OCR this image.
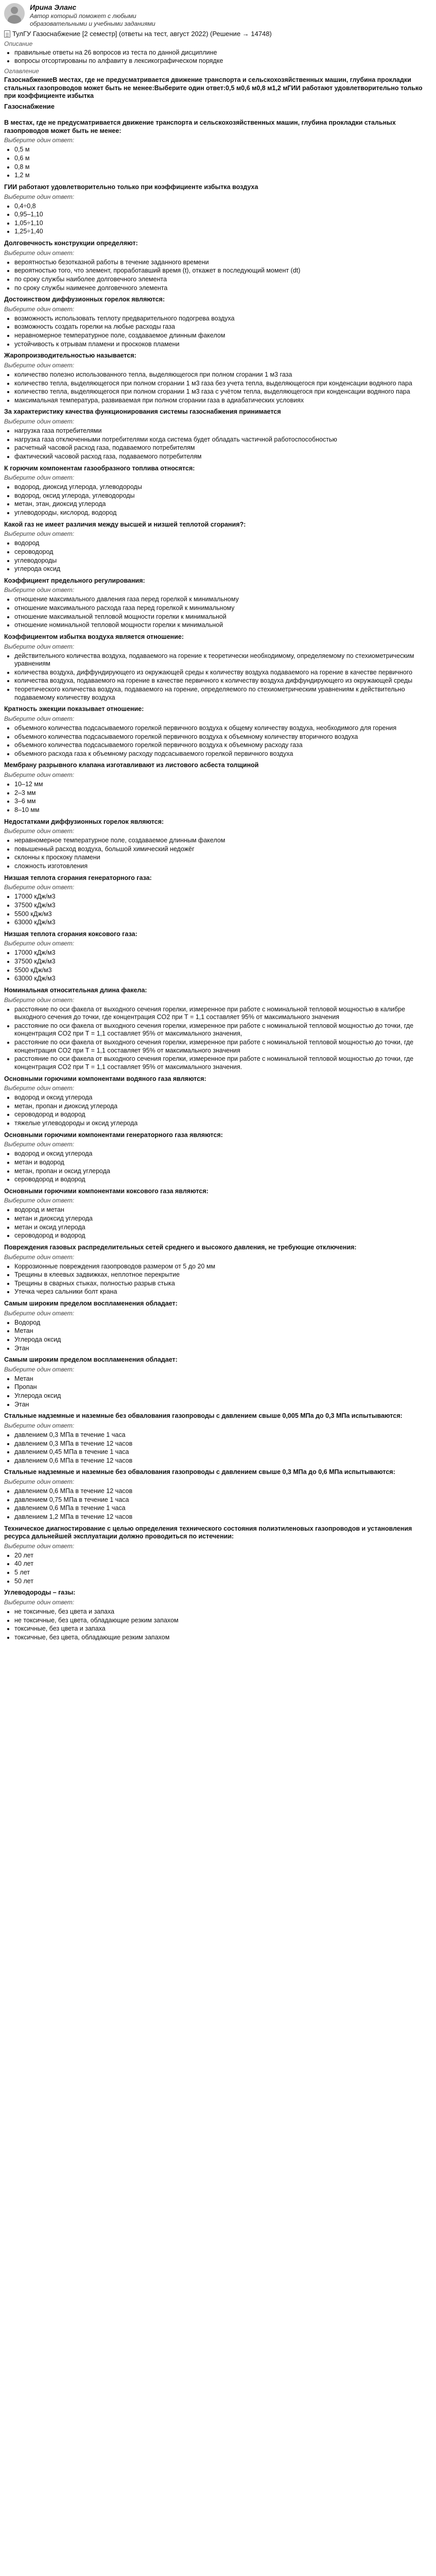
Ирина Эланс
Автор который поможет с любыми образовательными и учебными заданиями
ТулГУ Газоснабжение [2 семестр] (ответы на тест, август 2022) (Решение → 14748)
Описание
• правильные ответы на 26 вопросов из теста по данной дисциплине
• вопросы отсортированы по алфавиту в лексикографическом порядке
Оглавление
ГазоснабжениеВ местах, где не предусматривается движение транспорта и сельскохозяйственных машин, глубина прокладки стальных газопроводов может быть не менее:Выберите один ответ:0,5 м0,6 м0,8 м1,2 мГИИ работают удовлетворительно только при коэффициенте избытка
Газоснабжение
В местах, где не предусматривается движение транспорта и сельскохозяйственных машин, глубина прокладки стальных газопроводов может быть не менее:
Выберите один ответ:
• 0,5 м
• 0,6 м
• 0,8 м
• 1,2 м
ГИИ работают удовлетворительно только при коэффициенте избытка воздуха
Выберите один ответ:
• 0,4÷0,8
• 0,95–1,10
• 1,05÷1,10
• 1,25÷1,40
Долговечность конструкции определяют:
Выберите один ответ:
• вероятностью безотказной работы в течение заданного времени
• вероятностью того, что элемент, проработавший время (t), откажет в последующий момент (dt)
• по сроку службы наиболее долговечного элемента
• по сроку службы наименее долговечного элемента
Достоинством диффузионных горелок являются:
Выберите один ответ:
• возможность использовать теплоту предварительного подогрева воздуха
• возможность создать горелки на любые расходы газа
• неравномерное температурное поле, создаваемое длинным факелом
• устойчивость к отрывам пламени и проскоков пламени
Жаропроизводительностью называется:
Выберите один ответ:
• количество полезно использованного тепла, выделяющегося при полном сгорании 1 м3 газа
• количество тепла, выделяющегося при полном сгорании 1 м3 газа без учета тепла, выделяющегося при конденсации водяного пара
• количество тепла, выделяющегося при полном сгорании 1 м3 газа с учётом тепла, выделяющегося при конденсации водяного пара
• максимальная температура, развиваемая при полном сгорании газа в адиабатических условиях
За характеристику качества функционирования системы газоснабжения принимается
Выберите один ответ:
• нагрузка газа потребителями
• нагрузка газа отключенными потребителями когда система будет обладать частичной работоспособностью
• расчетный часовой расход газа, подаваемого потребителям
• фактический часовой расход газа, подаваемого потребителям
К горючим компонентам газообразного топлива относятся:
Выберите один ответ:
• водород, диоксид углерода, углеводороды
• водород, оксид углерода, углеводороды
• метан, этан, диоксид углерода
• углеводороды, кислород, водород
Какой газ не имеет различия между высшей и низшей теплотой сгорания?:
Выберите один ответ:
• водород
• сероводород
• углеводороды
• углерода оксид
Коэффициент предельного регулирования:
Выберите один ответ:
• отношение максимального давления газа перед горелкой к минимальному
• отношение максимального расхода газа перед горелкой к минимальному
• отношение максимальной тепловой мощности горелки к минимальной
• отношение номинальной тепловой мощности горелки к минимальной
Коэффициентом избытка воздуха является отношение:
Выберите один ответ:
• действительного количества воздуха, подаваемого на горение к теоретически необходимому, определяемому по стехиометрическим уравнениям
• количества воздуха, диффундирующего из окружающей среды к количеству воздуха подаваемого на горение в качестве первичного
• количества воздуха, подаваемого на горение в качестве первичного к количеству воздуха диффундирующего из окружающей среды
• теоретического количества воздуха, подаваемого на горение, определяемого по стехиометрическим уравнениям к действительно подаваемому количеству воздуха
Кратность эжекции показывает отношение:
Выберите один ответ:
• объемного количества подсасываемого горелкой первичного воздуха к общему количеству воздуха, необходимого для горения
• объемного количества подсасываемого горелкой первичного воздуха к объемному количеству вторичного воздуха
• объемного количества подсасываемого горелкой первичного воздуха к объемному расходу газа
• объемного расхода газа к объемному расходу подсасываемого горелкой первичного воздуха
Мембрану разрывного клапана изготавливают из листового асбеста толщиной
Выберите один ответ:
• 10–12 мм
• 2–3 мм
• 3–6 мм
• 8–10 мм
Недостатками диффузионных горелок являются:
Выберите один ответ:
• неравномерное температурное поле, создаваемое длинным факелом
• повышенный расход воздуха, большой химический недожёг
• склонны к проскоку пламени
• сложность изготовления
Низшая теплота сгорания генераторного газа:
Выберите один ответ:
• 17000 кДж/м3
• 37500 кДж/м3
• 5500 кДж/м3
• 63000 кДж/м3
Низшая теплота сгорания коксового газа:
Выберите один ответ:
• 17000 кДж/м3
• 37500 кДж/м3
• 5500 кДж/м3
• 63000 кДж/м3
Номинальная относительная длина факела:
Выберите один ответ:
• расстояние по оси факела от выходного сечения горелки, измеренное при работе с номинальной тепловой мощностью в калибре выходного сечения до точки, где концентрация CO2 при Т = 1,1 составляет 95% от максимального значения
• расстояние по оси факела от выходного сечения горелки, измеренное при работе с номинальной тепловой мощностью до точки, где концентрация CO2 при Т = 1,1 составляет 95% от максимального значения,
• расстояние по оси факела от выходного сечения горелки, измеренное при работе с номинальной тепловой мощностью до точки, где концентрация CO2 при Т = 1,1 составляет 95% от максимального значения
• расстояние по оси факела от выходного сечения горелки, измеренное при работе с номинальной тепловой мощностью до точки, где концентрация CO2 при Т = 1,1 составляет 95% от максимального значения.
Основными горючими компонентами водяного газа являются:
Выберите один ответ:
• водород и оксид углерода
• метан, пропан и диоксид углерода
• сероводород и водород
• тяжелые углеводороды и оксид углерода
Основными горючими компонентами генераторного газа являются:
Выберите один ответ:
• водород и оксид углерода
• метан и водород
• метан, пропан и оксид углерода
• сероводород и водород
Основными горючими компонентами коксового газа являются:
Выберите один ответ:
• водород и метан
• метан и диоксид углерода
• метан и оксид углерода
• сероводород и водород
Повреждения газовых распределительных сетей среднего и высокого давления, не требующие отключения:
Выберите один ответ:
• Коррозионные повреждения газопроводов размером от 5 до 20 мм
• Трещины в клеевых задвижках, неплотное перекрытие
• Трещины в сварных стыках, полностью разрыв стыка
• Утечка через сальники болт крана
Самым широким пределом воспламенения обладает:
Выберите один ответ:
• Водород
• Метан
• Углерода оксид
• Этан
Самым широким пределом воспламенения обладает:
Выберите один ответ:
• Метан
• Пропан
• Углерода оксид
• Этан
Стальные надземные и наземные без обвалования газопроводы с давлением свыше 0,005 МПа до 0,3 МПа испытываются:
Выберите один ответ:
• давлением 0,3 МПа в течение 1 часа
• давлением 0,3 МПа в течение 12 часов
• давлением 0,45 МПа в течение 1 часа
• давлением 0,6 МПа в течение 12 часов
Стальные надземные и наземные без обвалования газопроводы с давлением свыше 0,3 МПа до 0,6 МПа испытываются:
Выберите один ответ:
• давлением 0,6 МПа в течение 12 часов
• давлением 0,75 МПа в течение 1 часа
• давлением 0,6 МПа в течение 1 часа
• давлением 1,2 МПа в течение 12 часов
Техническое диагностирование с целью определения технического состояния полиэтиленовых газопроводов и установления ресурса дальнейшей эксплуатации должно проводиться по истечении:
Выберите один ответ:
• 20 лет
• 40 лет
• 5 лет
• 50 лет
Углеводороды – газы:
Выберите один ответ:
• не токсичные, без цвета и запаха
• не токсичные, без цвета, обладающие резким запахом
• токсичные, без цвета и запаха
• токсичные, без цвета, обладающие резким запахом
